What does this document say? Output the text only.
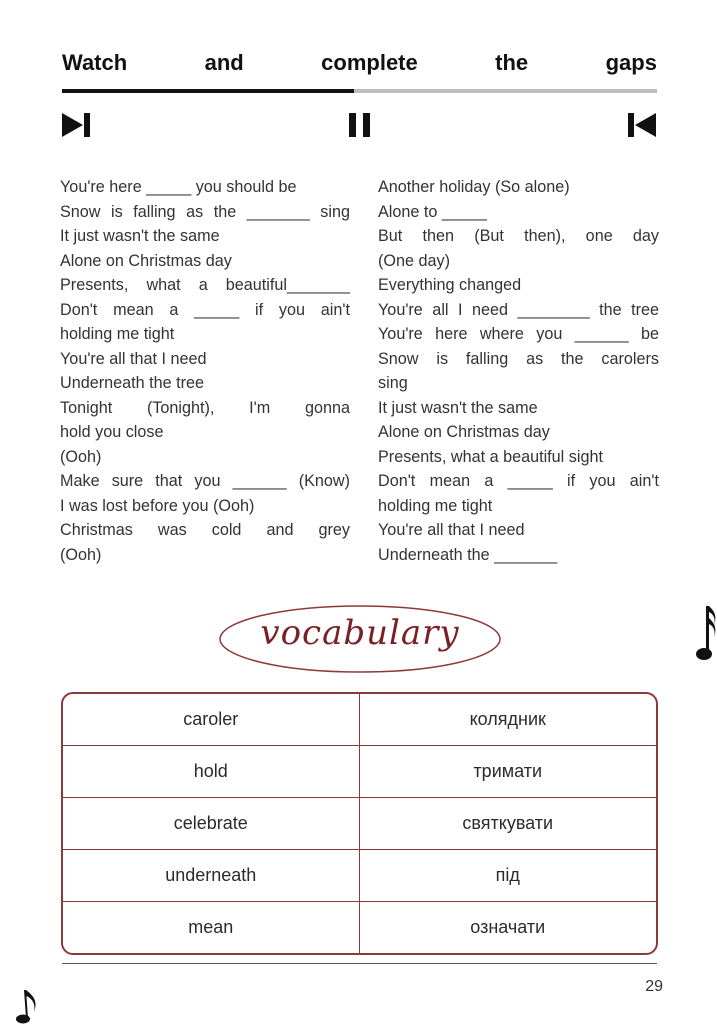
Watch	and	complete	the	gaps
You're here _____ you should be
Snow is falling as the _______ sing
It just wasn't the same
Alone on Christmas day
Presents, what a beautiful_______
Don't mean a _____ if you ain't
holding me tight
You're all that I need
Underneath the tree
Tonight (Tonight), I'm gonna
hold you close
(Ooh)
Make sure that you ______ (Know)
I was lost before you (Ooh)
Christmas was cold and grey
(Ooh)
Another holiday (So alone)
Alone to _____
But then (But then), one day
(One day)
Everything changed
You're all I need ________ the tree
You're here where you ______ be
Snow is falling as the carolers
sing
It just wasn't the same
Alone on Christmas day
Presents, what a beautiful sight
Don't mean a _____ if you ain't
holding me tight
You're all that I need
Underneath the _______
vocabulary
caroler	колядник
hold	тримати
celebrate	святкувати
underneath	під
mean	означати
29
